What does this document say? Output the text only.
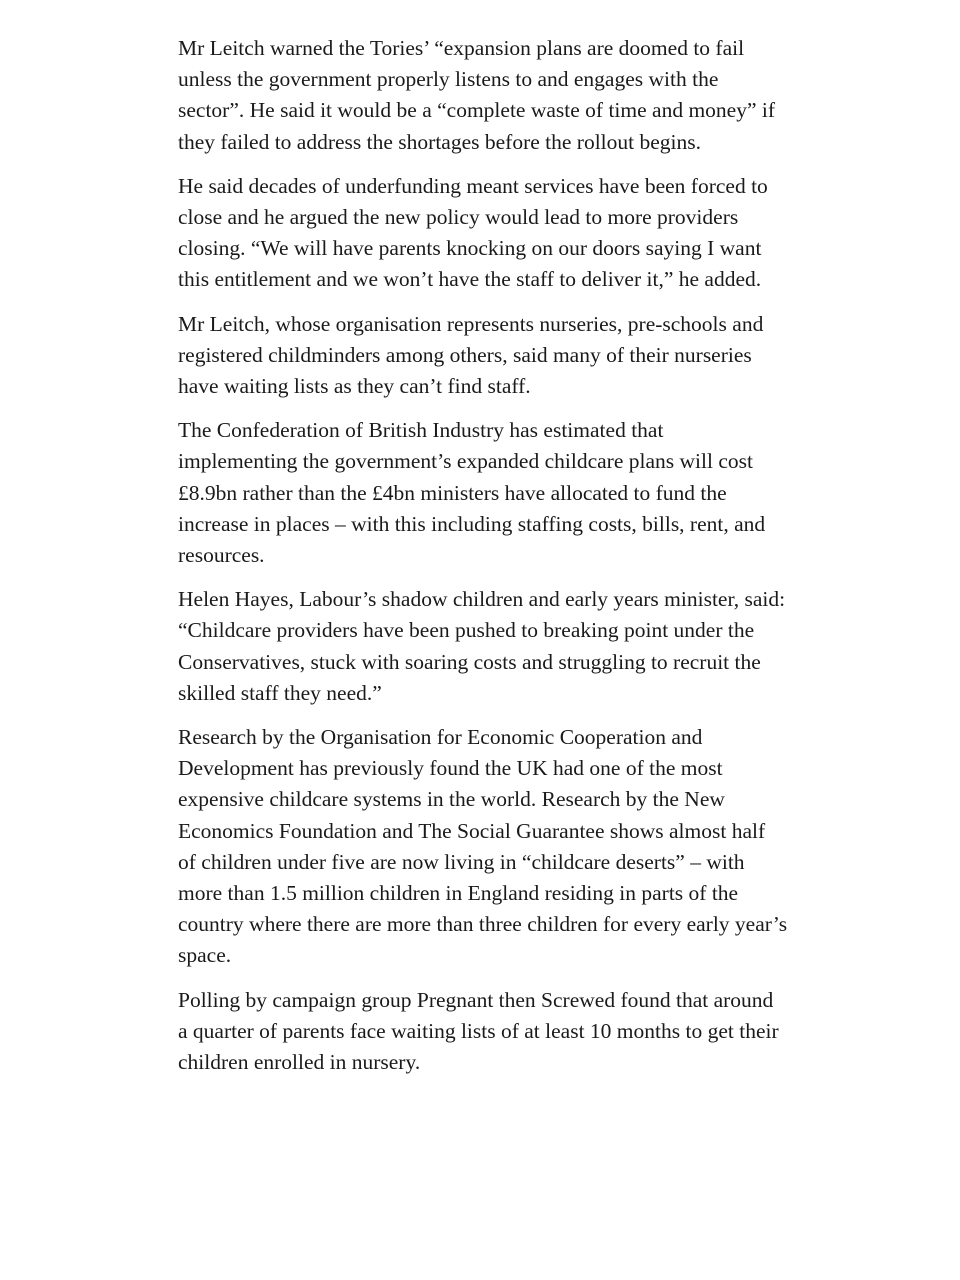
Mr Leitch warned the Tories’ “expansion plans are doomed to fail unless the government properly listens to and engages with the sector”. He said it would be a “complete waste of time and money” if they failed to address the shortages before the rollout begins.

He said decades of underfunding meant services have been forced to close and he argued the new policy would lead to more providers closing. “We will have parents knocking on our doors saying I want this entitlement and we won’t have the staff to deliver it,” he added.

Mr Leitch, whose organisation represents nurseries, pre-schools and registered childminders among others, said many of their nurseries have waiting lists as they can’t find staff.

The Confederation of British Industry has estimated that implementing the government’s expanded childcare plans will cost £8.9bn rather than the £4bn ministers have allocated to fund the increase in places – with this including staffing costs, bills, rent, and resources.

Helen Hayes, Labour’s shadow children and early years minister, said: “Childcare providers have been pushed to breaking point under the Conservatives, stuck with soaring costs and struggling to recruit the skilled staff they need.”

Research by the Organisation for Economic Cooperation and Development has previously found the UK had one of the most expensive childcare systems in the world. Research by the New Economics Foundation and The Social Guarantee shows almost half of children under five are now living in “childcare deserts” – with more than 1.5 million children in England residing in parts of the country where there are more than three children for every early year’s space.

Polling by campaign group Pregnant then Screwed found that around a quarter of parents face waiting lists of at least 10 months to get their children enrolled in nursery.
